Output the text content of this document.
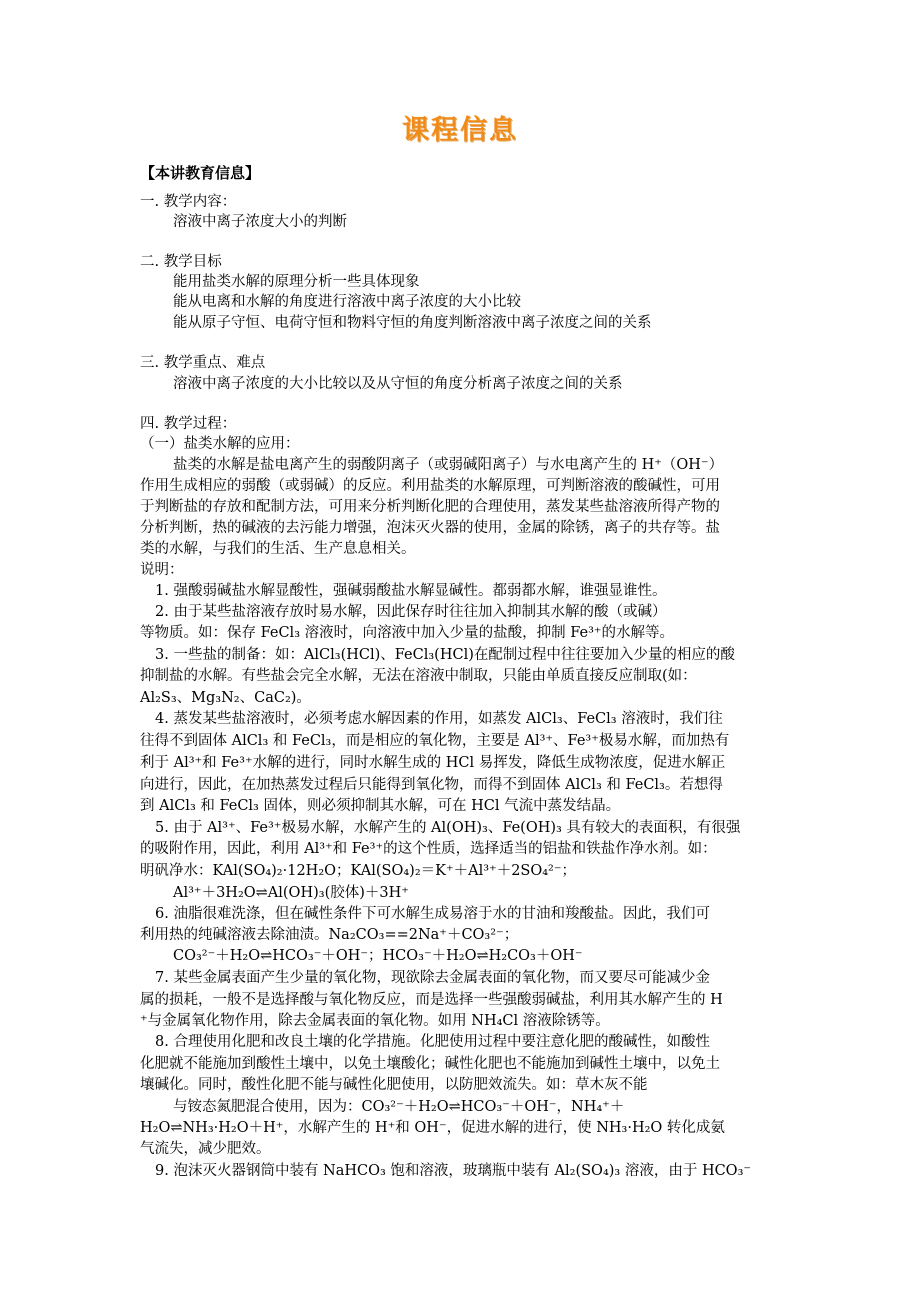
课程信息
【本讲教育信息】
一. 教学内容：
溶液中离子浓度大小的判断
二. 教学目标
能用盐类水解的原理分析一些具体现象
能从电离和水解的角度进行溶液中离子浓度的大小比较
能从原子守恒、电荷守恒和物料守恒的角度判断溶液中离子浓度之间的关系
三. 教学重点、难点
溶液中离子浓度的大小比较以及从守恒的角度分析离子浓度之间的关系
四. 教学过程：
（一）盐类水解的应用：
盐类的水解是盐电离产生的弱酸阴离子（或弱碱阳离子）与水电离产生的 H⁺（OH⁻）
作用生成相应的弱酸（或弱碱）的反应。利用盐类的水解原理，可判断溶液的酸碱性，可用
于判断盐的存放和配制方法，可用来分析判断化肥的合理使用，蒸发某些盐溶液所得产物的
分析判断，热的碱液的去污能力增强，泡沫灭火器的使用，金属的除锈，离子的共存等。盐
类的水解，与我们的生活、生产息息相关。
说明：
1. 强酸弱碱盐水解显酸性，强碱弱酸盐水解显碱性。都弱都水解，谁强显谁性。
2. 由于某些盐溶液存放时易水解，因此保存时往往加入抑制其水解的酸（或碱）
等物质。如：保存 FeCl₃ 溶液时，向溶液中加入少量的盐酸，抑制 Fe³⁺的水解等。
3. 一些盐的制备：如：AlCl₃(HCl)、FeCl₃(HCl)在配制过程中往往要加入少量的相应的酸
抑制盐的水解。有些盐会完全水解，无法在溶液中制取，只能由单质直接反应制取(如：
Al₂S₃、Mg₃N₂、CaC₂)。
4. 蒸发某些盐溶液时，必须考虑水解因素的作用，如蒸发 AlCl₃、FeCl₃ 溶液时，我们往
往得不到固体 AlCl₃ 和 FeCl₃，而是相应的氧化物，主要是 Al³⁺、Fe³⁺极易水解，而加热有
利于 Al³⁺和 Fe³⁺水解的进行，同时水解生成的 HCl 易挥发，降低生成物浓度，促进水解正
向进行，因此，在加热蒸发过程后只能得到氧化物，而得不到固体 AlCl₃ 和 FeCl₃。若想得
到 AlCl₃ 和 FeCl₃ 固体，则必须抑制其水解，可在 HCl 气流中蒸发结晶。
5. 由于 Al³⁺、Fe³⁺极易水解，水解产生的 Al(OH)₃、Fe(OH)₃ 具有较大的表面积，有很强
的吸附作用，因此，利用 Al³⁺和 Fe³⁺的这个性质，选择适当的铝盐和铁盐作净水剂。如：
明矾净水：KAl(SO₄)₂·12H₂O；KAl(SO₄)₂＝K⁺＋Al³⁺＋2SO₄²⁻；
Al³⁺＋3H₂O⇌Al(OH)₃(胶体)＋3H⁺
6. 油脂很难洗涤，但在碱性条件下可水解生成易溶于水的甘油和羧酸盐。因此，我们可
利用热的纯碱溶液去除油渍。Na₂CO₃==2Na⁺＋CO₃²⁻；
CO₃²⁻＋H₂O⇌HCO₃⁻＋OH⁻；HCO₃⁻＋H₂O⇌H₂CO₃＋OH⁻
7. 某些金属表面产生少量的氧化物，现欲除去金属表面的氧化物，而又要尽可能减少金
属的损耗，一般不是选择酸与氧化物反应，而是选择一些强酸弱碱盐，利用其水解产生的 H
⁺与金属氧化物作用，除去金属表面的氧化物。如用 NH₄Cl 溶液除锈等。
8. 合理使用化肥和改良土壤的化学措施。化肥使用过程中要注意化肥的酸碱性，如酸性
化肥就不能施加到酸性土壤中，以免土壤酸化；碱性化肥也不能施加到碱性土壤中，以免土
壤碱化。同时，酸性化肥不能与碱性化肥使用，以防肥效流失。如：草木灰不能
与铵态氮肥混合使用，因为：CO₃²⁻＋H₂O⇌HCO₃⁻＋OH⁻，NH₄⁺＋
H₂O⇌NH₃·H₂O＋H⁺，水解产生的 H⁺和 OH⁻，促进水解的进行，使 NH₃·H₂O 转化成氨
气流失，减少肥效。
9. 泡沫灭火器钢筒中装有 NaHCO₃ 饱和溶液，玻璃瓶中装有 Al₂(SO₄)₃ 溶液，由于 HCO₃⁻
